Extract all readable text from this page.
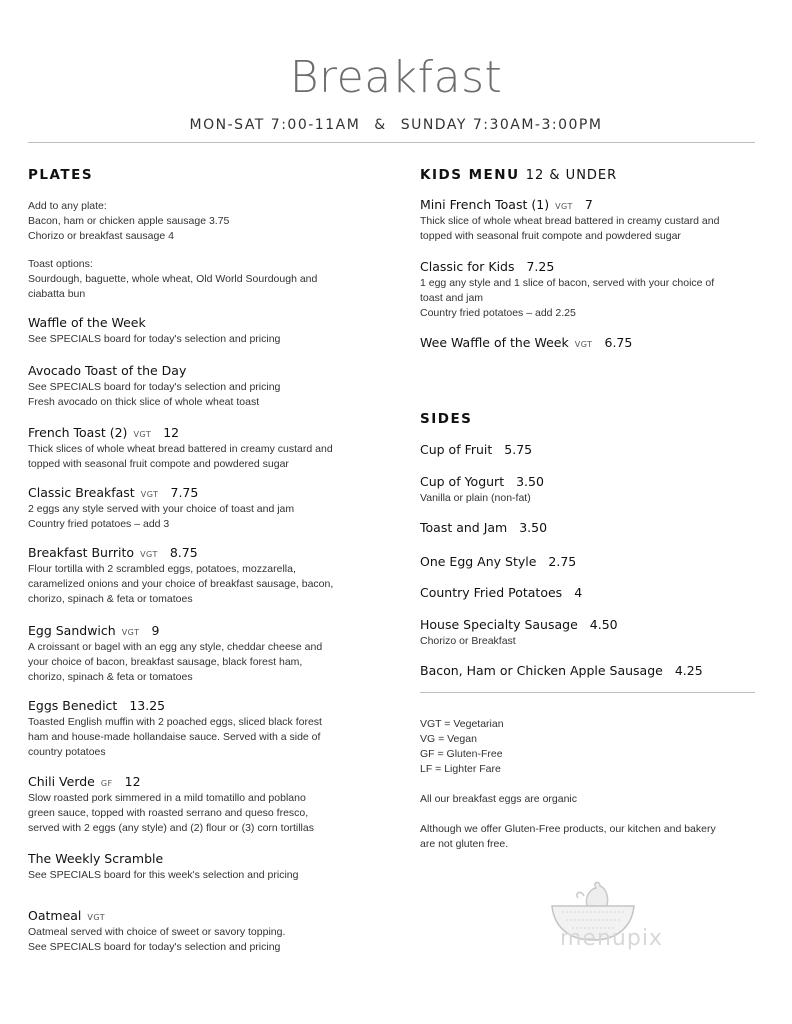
Breakfast
MON-SAT 7:00-11AM & SUNDAY 7:30AM-3:00PM
PLATES
Add to any plate:
Bacon, ham or chicken apple sausage 3.75
Chorizo or breakfast sausage 4
Toast options:
Sourdough, baguette, whole wheat, Old World Sourdough and
ciabatta bun
Waffle of the Week
See SPECIALS board for today's selection and pricing
Avocado Toast of the Day
See SPECIALS board for today's selection and pricing
Fresh avocado on thick slice of whole wheat toast
French Toast (2) VGT 12
Thick slices of whole wheat bread battered in creamy custard and
topped with seasonal fruit compote and powdered sugar
Classic Breakfast VGT 7.75
2 eggs any style served with your choice of toast and jam
Country fried potatoes – add 3
Breakfast Burrito VGT 8.75
Flour tortilla with 2 scrambled eggs, potatoes, mozzarella,
caramelized onions and your choice of breakfast sausage, bacon,
chorizo, spinach & feta or tomatoes
Egg Sandwich VGT 9
A croissant or bagel with an egg any style, cheddar cheese and
your choice of bacon, breakfast sausage, black forest ham,
chorizo, spinach & feta or tomatoes
Eggs Benedict 13.25
Toasted English muffin with 2 poached eggs, sliced black forest
ham and house-made hollandaise sauce. Served with a side of
country potatoes
Chili Verde GF 12
Slow roasted pork simmered in a mild tomatillo and poblano
green sauce, topped with roasted serrano and queso fresco,
served with 2 eggs (any style) and (2) flour or (3) corn tortillas
The Weekly Scramble
See SPECIALS board for this week's selection and pricing
Oatmeal VGT
Oatmeal served with choice of sweet or savory topping.
See SPECIALS board for today's selection and pricing
KIDS MENU 12 & UNDER
Mini French Toast (1) VGT 7
Thick slice of whole wheat bread battered in creamy custard and
topped with seasonal fruit compote and powdered sugar
Classic for Kids 7.25
1 egg any style and 1 slice of bacon, served with your choice of
toast and jam
Country fried potatoes – add 2.25
Wee Waffle of the Week VGT 6.75
SIDES
Cup of Fruit 5.75
Cup of Yogurt 3.50
Vanilla or plain (non-fat)
Toast and Jam 3.50
One Egg Any Style 2.75
Country Fried Potatoes 4
House Specialty Sausage 4.50
Chorizo or Breakfast
Bacon, Ham or Chicken Apple Sausage 4.25
VGT = Vegetarian
VG = Vegan
GF = Gluten-Free
LF = Lighter Fare
All our breakfast eggs are organic
Although we offer Gluten-Free products, our kitchen and bakery
are not gluten free.
menupix
